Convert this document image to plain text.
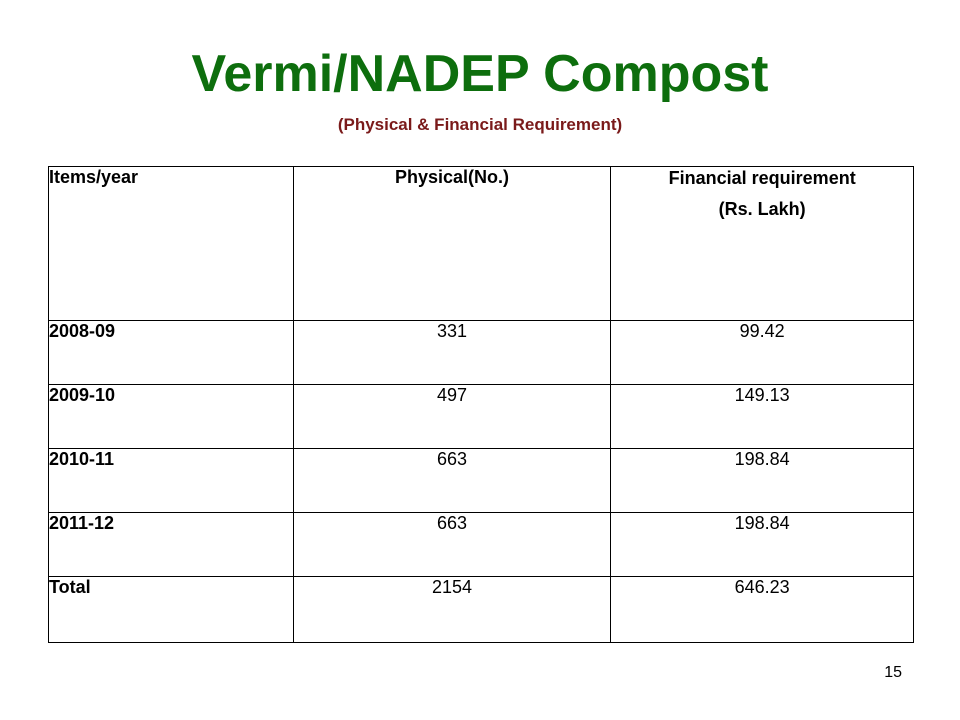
Vermi/NADEP Compost
(Physical & Financial Requirement)
Items/year	Physical(No.)	Financial requirement
(Rs. Lakh)

2008-09	331	99.42
2009-10	497	149.13
2010-11	663	198.84
2011-12	663	198.84
Total	2154	646.23
15
